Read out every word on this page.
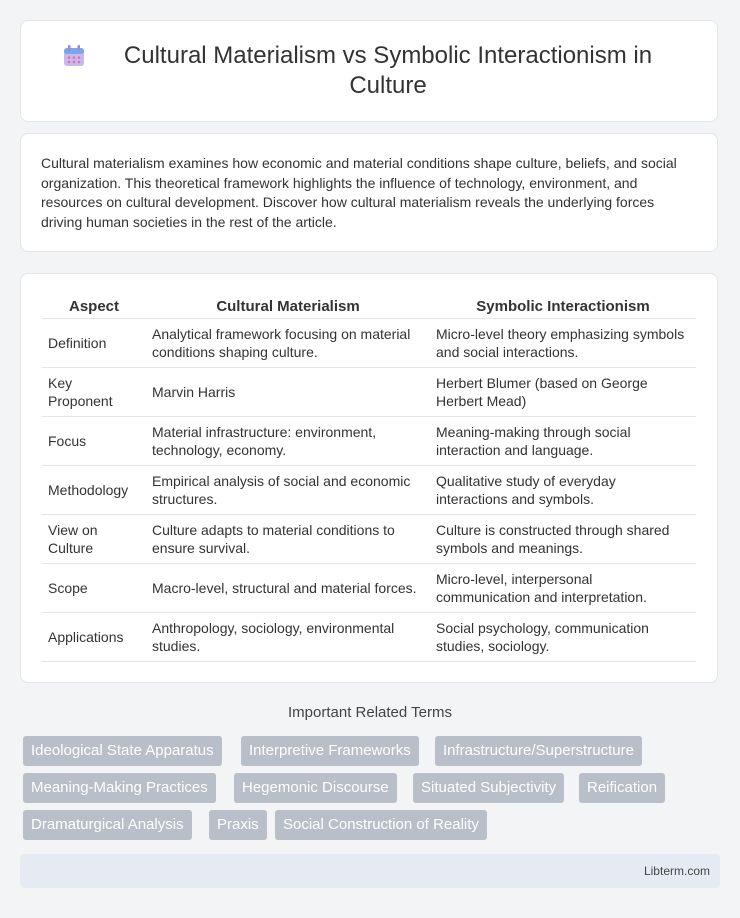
Cultural Materialism vs Symbolic Interactionism in Culture

Cultural materialism examines how economic and material conditions shape culture, beliefs, and social organization. This theoretical framework highlights the influence of technology, environment, and resources on cultural development. Discover how cultural materialism reveals the underlying forces driving human societies in the rest of the article.

Aspect	Cultural Materialism	Symbolic Interactionism
Definition	Analytical framework focusing on material conditions shaping culture.	Micro-level theory emphasizing symbols and social interactions.
Key Proponent	Marvin Harris	Herbert Blumer (based on George Herbert Mead)
Focus	Material infrastructure: environment, technology, economy.	Meaning-making through social interaction and language.
Methodology	Empirical analysis of social and economic structures.	Qualitative study of everyday interactions and symbols.
View on Culture	Culture adapts to material conditions to ensure survival.	Culture is constructed through shared symbols and meanings.
Scope	Macro-level, structural and material forces.	Micro-level, interpersonal communication and interpretation.
Applications	Anthropology, sociology, environmental studies.	Social psychology, communication studies, sociology.
Important Related Terms
Ideological State Apparatus	Interpretive Frameworks	Infrastructure/Superstructure
Meaning-Making Practices	Hegemonic Discourse	Situated Subjectivity	Reification
Dramaturgical Analysis	Praxis	Social Construction of Reality
Libterm.com
